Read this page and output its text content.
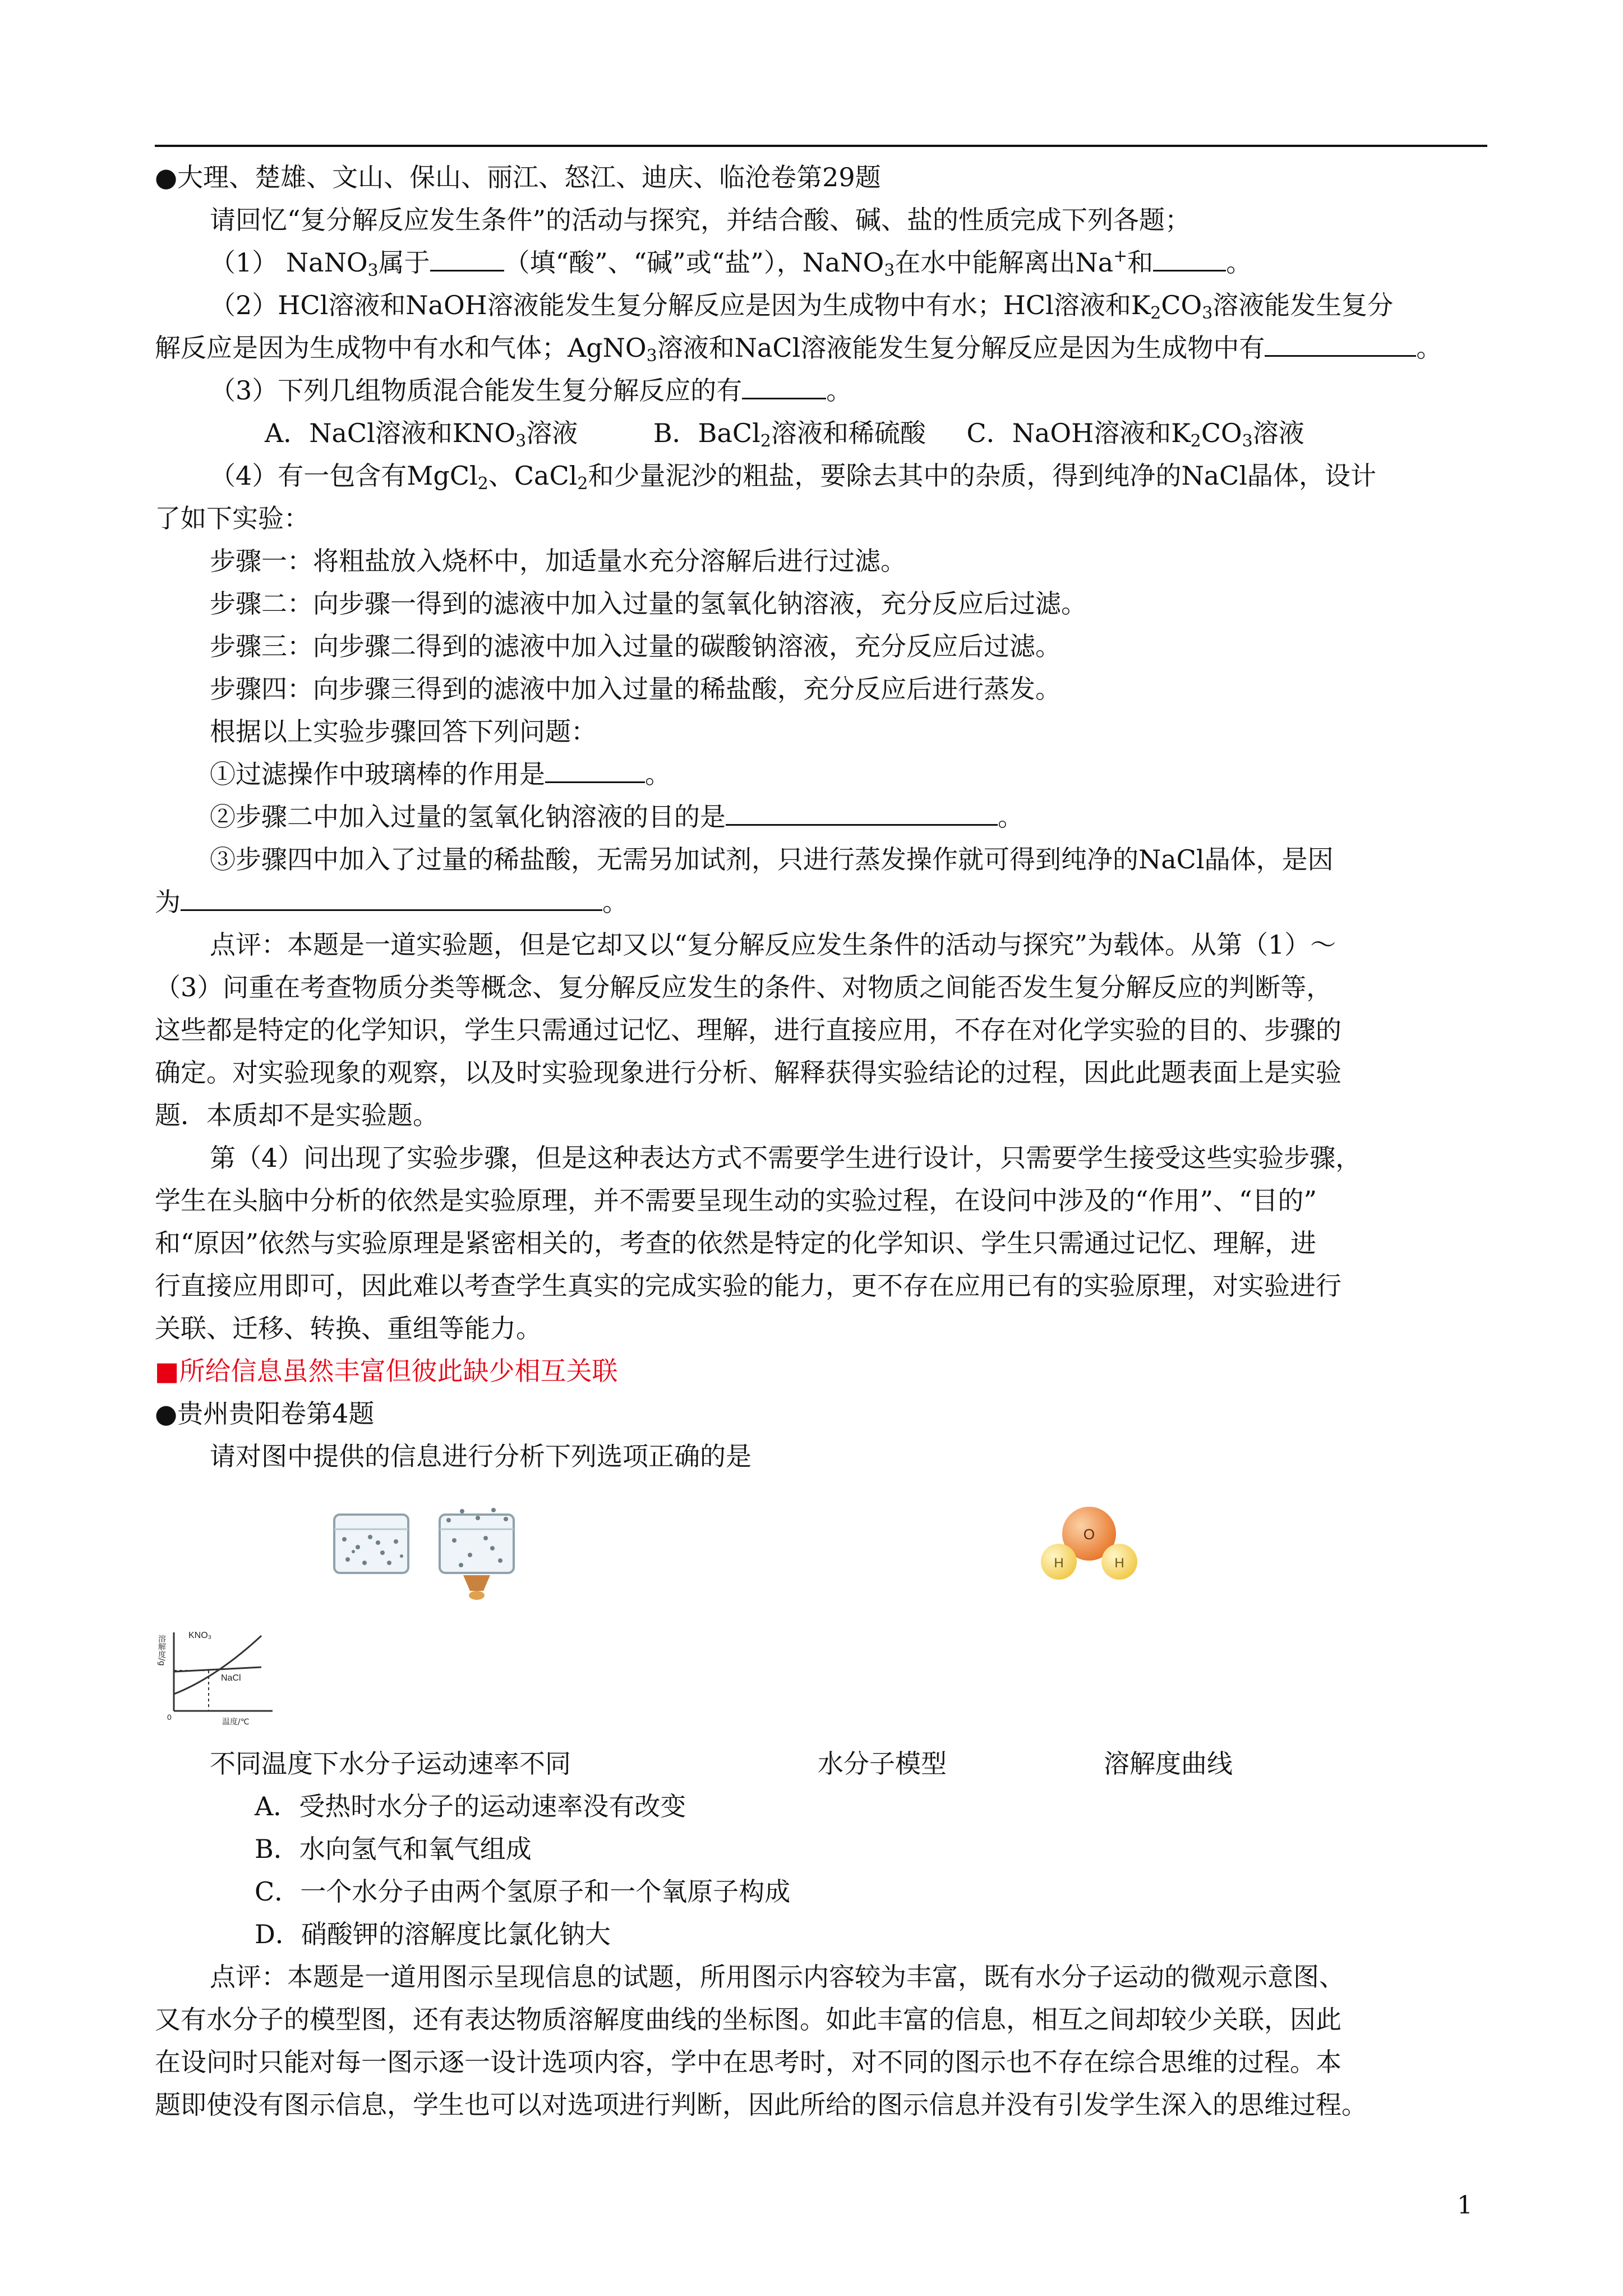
●大理、楚雄、文山、保山、丽江、怒江、迪庆、临沧卷第29题
请回忆“复分解反应发生条件”的活动与探究，并结合酸、碱、盐的性质完成下列各题；
（1） NaNO$_3$属于	（填“酸”、“碱”或“盐”），NaNO$_3$在水中能解离出Na+和	。
（2）HCl溶液和NaOH溶液能发生复分解反应是因为生成物中有水；HCl溶液和$K_2CO_3$溶液能发生复分
解反应是因为生成物中有水和气体；AgNO$_3$溶液和NaCl溶液能发生复分解反应是因为生成物中有	。
（3）下列几组物质混合能发生复分解反应的有	。
A．NaCl溶液和$KNO_3$溶液	B．BaCl$_2$溶液和稀硫酸 C．NaOH溶液和$K_2CO_3$溶液
（4）有一包含有MgCl$_2$、CaCl$_2$和少量泥沙的粗盐，要除去其中的杂质，得到纯净的NaCl晶体，设计
了如下实验：
步骤一：将粗盐放入烧杯中，加适量水充分溶解后进行过滤。
步骤二：向步骤一得到的滤液中加入过量的氢氧化钠溶液，充分反应后过滤。
步骤三：向步骤二得到的滤液中加入过量的碳酸钠溶液，充分反应后过滤。
步骤四：向步骤三得到的滤液中加入过量的稀盐酸，充分反应后进行蒸发。
根据以上实验步骤回答下列问题：
①过滤操作中玻璃棒的作用是	。
②步骤二中加入过量的氢氧化钠溶液的目的是	。
③步骤四中加入了过量的稀盐酸，无需另加试剂，只进行蒸发操作就可得到纯净的NaCl晶体，是因
为	。
点评：本题是一道实验题，但是它却又以“复分解反应发生条件的活动与探究”为载体。从第（1）～
（3）问重在考查物质分类等概念、复分解反应发生的条件、对物质之间能否发生复分解反应的判断等，
这些都是特定的化学知识，学生只需通过记忆、理解，进行直接应用，不存在对化学实验的目的、步骤的
确定。对实验现象的观察，以及时实验现象进行分析、解释获得实验结论的过程，因此此题表面上是实验
题．本质却不是实验题。
第（4）问出现了实验步骤，但是这种表达方式不需要学生进行设计，只需要学生接受这些实验步骤，
学生在头脑中分析的依然是实验原理，并不需要呈现生动的实验过程，在设问中涉及的“作用”、“目的”
和“原因”依然与实验原理是紧密相关的，考查的依然是特定的化学知识、学生只需通过记忆、理解，进
行直接应用即可，因此难以考查学生真实的完成实验的能力，更不存在应用已有的实验原理，对实验进行
关联、迁移、转换、重组等能力。
■所给信息虽然丰富但彼此缺少相互关联
●贵州贵阳卷第4题
请对图中提供的信息进行分析下列选项正确的是
O
H	H
KNO₃
NaCl
溶解度/g
温度/℃
0
不同温度下水分子运动速率不同	水分子模型	溶解度曲线
A．受热时水分子的运动速率没有改变
B．水向氢气和氧气组成
C．一个水分子由两个氢原子和一个氧原子构成
D．硝酸钾的溶解度比氯化钠大
点评：本题是一道用图示呈现信息的试题，所用图示内容较为丰富，既有水分子运动的微观示意图、
又有水分子的模型图，还有表达物质溶解度曲线的坐标图。如此丰富的信息，相互之间却较少关联，因此
在设问时只能对每一图示逐一设计选项内容，学中在思考时，对不同的图示也不存在综合思维的过程。本
题即使没有图示信息，学生也可以对选项进行判断，因此所给的图示信息并没有引发学生深入的思维过程。
1
